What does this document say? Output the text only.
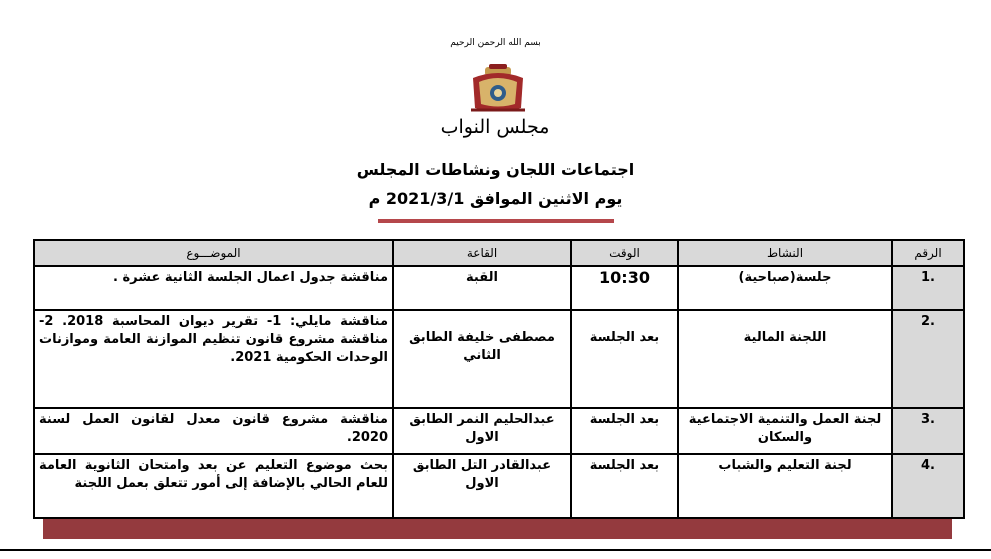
بسم الله الرحمن الرحيم
مجلس النواب
اجتماعات اللجان ونشاطات المجلس
يوم الاثنين الموافق 2021/3/1 م
الرقم	النشاط	الوقت	القاعة	الموضـــوع
.1	جلسة(صباحية)	10:30	القبة	مناقشة جدول اعمال الجلسة الثانية عشرة .
.2	اللجنة المالية	بعد الجلسة	مصطفى خليفة الطابق الثاني	مناقشة مايلي: 1- تقرير ديوان المحاسبة 2018. 2- مناقشة مشروع قانون تنظيم الموازنة العامة وموازنات الوحدات الحكومية 2021.
.3	لجنة العمل والتنمية الاجتماعية والسكان	بعد الجلسة	عبدالحليم النمر الطابق الاول	مناقشة مشروع قانون معدل لقانون العمل لسنة 2020.
.4	لجنة التعليم والشباب	بعد الجلسة	عبدالقادر التل الطابق الاول	بحث موضوع التعليم عن بعد وامتحان الثانوية العامة للعام الحالي بالإضافة إلى أمور تتعلق بعمل اللجنة
